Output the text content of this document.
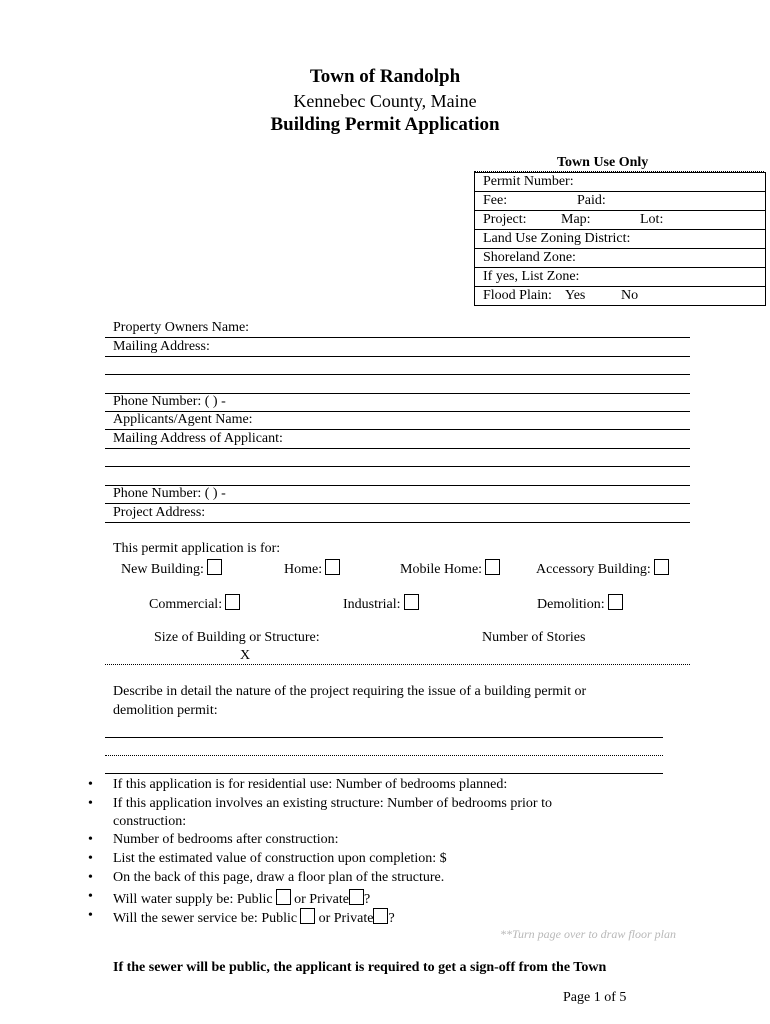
Town of Randolph
Kennebec County, Maine
Building Permit Application
Town Use Only
Permit Number:
Fee:	Paid:
Project: Map:	Lot:
Land Use Zoning District:
Shoreland Zone:
If yes, List Zone:
Flood Plain: Yes	No
Property Owners Name:
Mailing Address:
Phone Number: ( ) -
Applicants/Agent Name:
Mailing Address of Applicant:
Phone Number: ( ) -
Project Address:
This permit application is for:
New Building:	Home:	Mobile Home:	Accessory Building:
Commercial:	Industrial:	Demolition:
Size of Building or Structure:
X
Number of Stories
Describe in detail the nature of the project requiring the issue of a building permit or
demolition permit:
• If this application is for residential use: Number of bedrooms planned:
• If this application involves an existing structure: Number of bedrooms prior to
construction:
• Number of bedrooms after construction:
• List the estimated value of construction upon completion: $
• On the back of this page, draw a floor plan of the structure.
• Will water supply be: Public or Private ?
• Will the sewer service be: Public or Private ?
**Turn page over to draw floor plan
If the sewer will be public, the applicant is required to get a sign-off from the Town
Page 1 of 5
